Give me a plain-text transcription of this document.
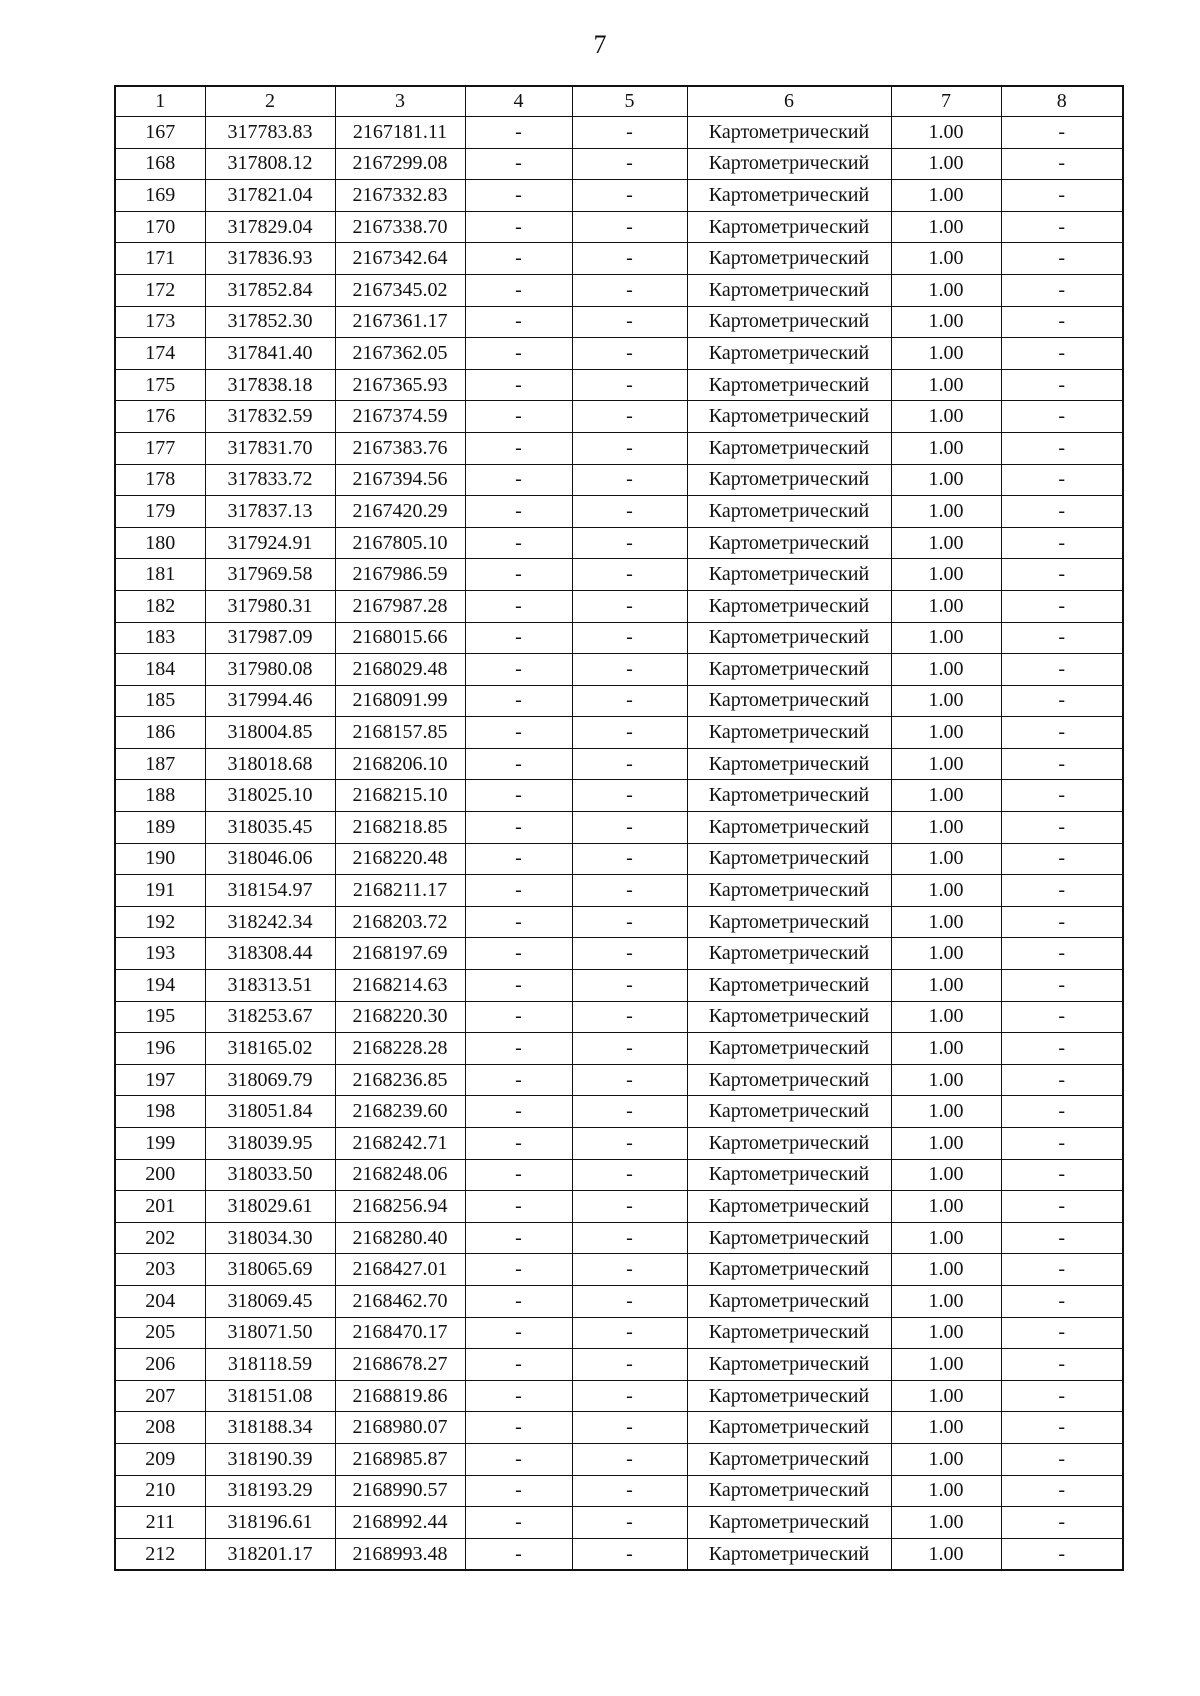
7
1	2	3	4	5	6	7	8
167	317783.83	2167181.11	-	-	Картометрический	1.00	-
168	317808.12	2167299.08	-	-	Картометрический	1.00	-
169	317821.04	2167332.83	-	-	Картометрический	1.00	-
170	317829.04	2167338.70	-	-	Картометрический	1.00	-
171	317836.93	2167342.64	-	-	Картометрический	1.00	-
172	317852.84	2167345.02	-	-	Картометрический	1.00	-
173	317852.30	2167361.17	-	-	Картометрический	1.00	-
174	317841.40	2167362.05	-	-	Картометрический	1.00	-
175	317838.18	2167365.93	-	-	Картометрический	1.00	-
176	317832.59	2167374.59	-	-	Картометрический	1.00	-
177	317831.70	2167383.76	-	-	Картометрический	1.00	-
178	317833.72	2167394.56	-	-	Картометрический	1.00	-
179	317837.13	2167420.29	-	-	Картометрический	1.00	-
180	317924.91	2167805.10	-	-	Картометрический	1.00	-
181	317969.58	2167986.59	-	-	Картометрический	1.00	-
182	317980.31	2167987.28	-	-	Картометрический	1.00	-
183	317987.09	2168015.66	-	-	Картометрический	1.00	-
184	317980.08	2168029.48	-	-	Картометрический	1.00	-
185	317994.46	2168091.99	-	-	Картометрический	1.00	-
186	318004.85	2168157.85	-	-	Картометрический	1.00	-
187	318018.68	2168206.10	-	-	Картометрический	1.00	-
188	318025.10	2168215.10	-	-	Картометрический	1.00	-
189	318035.45	2168218.85	-	-	Картометрический	1.00	-
190	318046.06	2168220.48	-	-	Картометрический	1.00	-
191	318154.97	2168211.17	-	-	Картометрический	1.00	-
192	318242.34	2168203.72	-	-	Картометрический	1.00	-
193	318308.44	2168197.69	-	-	Картометрический	1.00	-
194	318313.51	2168214.63	-	-	Картометрический	1.00	-
195	318253.67	2168220.30	-	-	Картометрический	1.00	-
196	318165.02	2168228.28	-	-	Картометрический	1.00	-
197	318069.79	2168236.85	-	-	Картометрический	1.00	-
198	318051.84	2168239.60	-	-	Картометрический	1.00	-
199	318039.95	2168242.71	-	-	Картометрический	1.00	-
200	318033.50	2168248.06	-	-	Картометрический	1.00	-
201	318029.61	2168256.94	-	-	Картометрический	1.00	-
202	318034.30	2168280.40	-	-	Картометрический	1.00	-
203	318065.69	2168427.01	-	-	Картометрический	1.00	-
204	318069.45	2168462.70	-	-	Картометрический	1.00	-
205	318071.50	2168470.17	-	-	Картометрический	1.00	-
206	318118.59	2168678.27	-	-	Картометрический	1.00	-
207	318151.08	2168819.86	-	-	Картометрический	1.00	-
208	318188.34	2168980.07	-	-	Картометрический	1.00	-
209	318190.39	2168985.87	-	-	Картометрический	1.00	-
210	318193.29	2168990.57	-	-	Картометрический	1.00	-
211	318196.61	2168992.44	-	-	Картометрический	1.00	-
212	318201.17	2168993.48	-	-	Картометрический	1.00	-
